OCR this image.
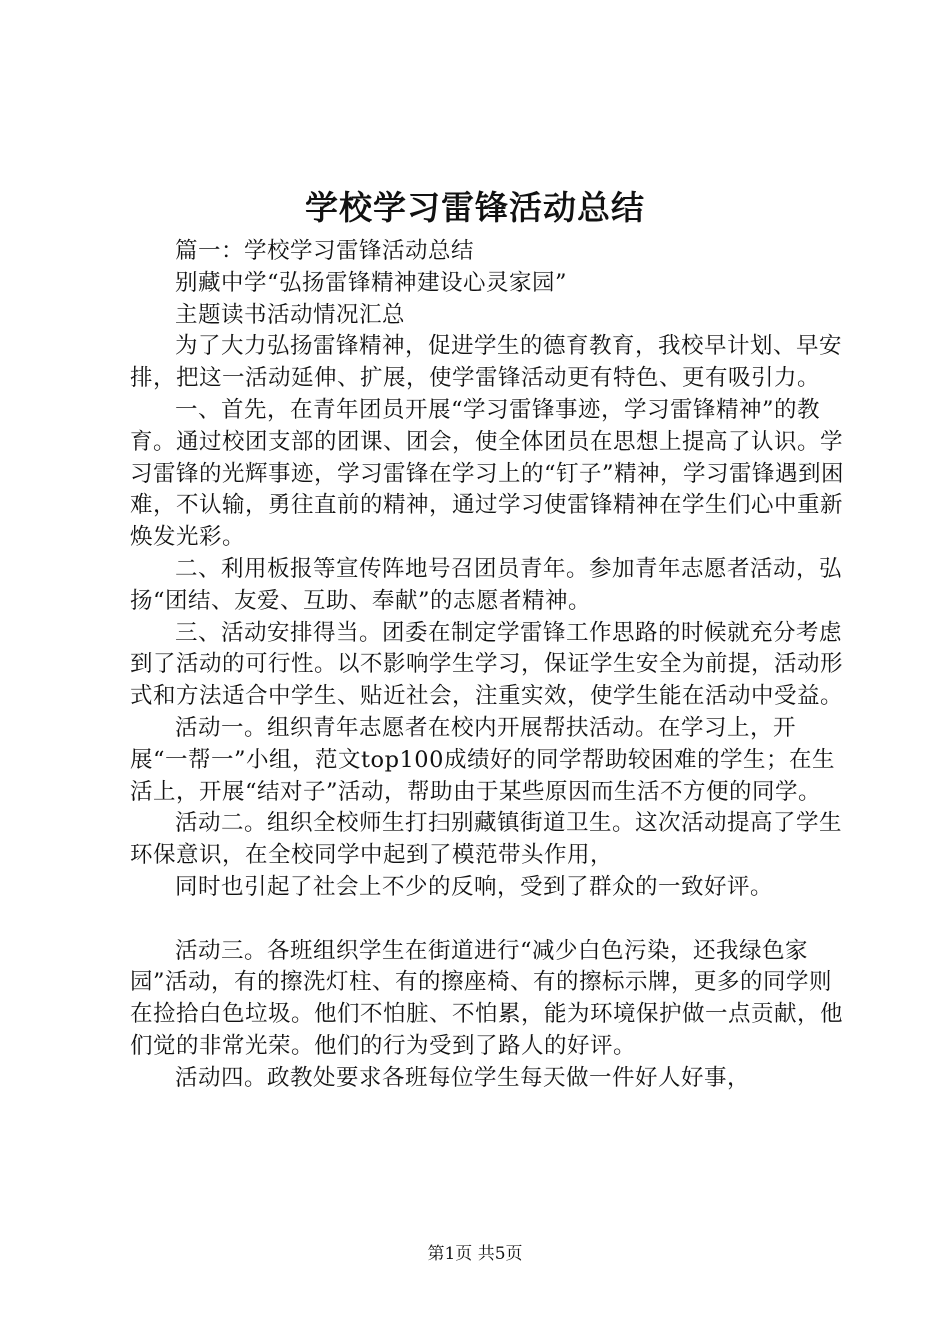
学校学习雷锋活动总结
篇一：学校学习雷锋活动总结
别藏中学“弘扬雷锋精神建设心灵家园”
主题读书活动情况汇总

为了大力弘扬雷锋精神，促进学生的德育教育，我校早计划、早安排，把这一活动延伸、扩展，使学雷锋活动更有特色、更有吸引力。

一、首先，在青年团员开展“学习雷锋事迹，学习雷锋精神”的教育。通过校团支部的团课、团会，使全体团员在思想上提高了认识。学习雷锋的光辉事迹，学习雷锋在学习上的“钉子”精神，学习雷锋遇到困难，不认输，勇往直前的精神，通过学习使雷锋精神在学生们心中重新焕发光彩。

二、利用板报等宣传阵地号召团员青年。参加青年志愿者活动，弘扬“团结、友爱、互助、奉献”的志愿者精神。

三、活动安排得当。团委在制定学雷锋工作思路的时候就充分考虑到了活动的可行性。以不影响学生学习，保证学生安全为前提，活动形式和方法适合中学生、贴近社会，注重实效，使学生能在活动中受益。

活动一。组织青年志愿者在校内开展帮扶活动。在学习上，开展“一帮一”小组，范文top100成绩好的同学帮助较困难的学生；在生活上，开展“结对子”活动，帮助由于某些原因而生活不方便的同学。

活动二。组织全校师生打扫别藏镇街道卫生。这次活动提高了学生环保意识，在全校同学中起到了模范带头作用，

同时也引起了社会上不少的反响，受到了群众的一致好评。

活动三。各班组织学生在街道进行“减少白色污染，还我绿色家园”活动，有的擦洗灯柱、有的擦座椅、有的擦标示牌，更多的同学则在捡拾白色垃圾。他们不怕脏、不怕累，能为环境保护做一点贡献，他们觉的非常光荣。他们的行为受到了路人的好评。

活动四。政教处要求各班每位学生每天做一件好人好事，

第1页 共5页
